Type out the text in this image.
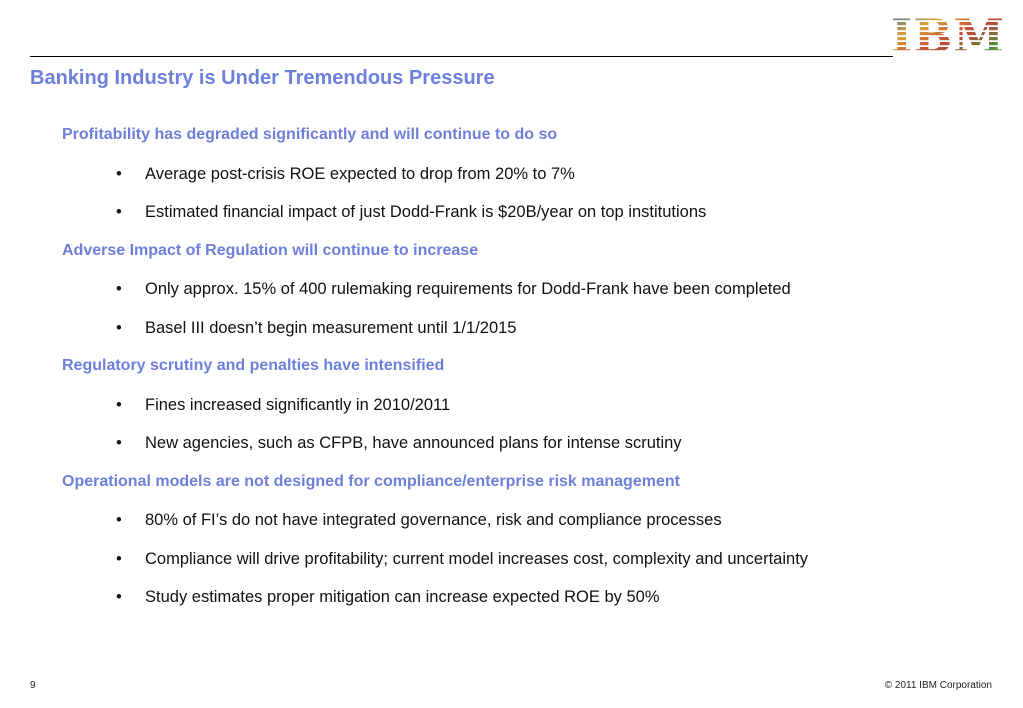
Banking Industry is Under Tremendous Pressure
Profitability has degraded significantly and will continue to do so
• Average post-crisis ROE expected to drop from 20% to 7%
• Estimated financial impact of just Dodd-Frank is $20B/year on top institutions
Adverse Impact of Regulation will continue to increase
• Only approx. 15% of 400 rulemaking requirements for Dodd-Frank have been completed
• Basel III doesn’t begin measurement until 1/1/2015
Regulatory scrutiny and penalties have intensified
• Fines increased significantly in 2010/2011
• New agencies, such as CFPB, have announced plans for intense scrutiny
Operational models are not designed for compliance/enterprise risk management
• 80% of FI’s do not have integrated governance, risk and compliance processes
• Compliance will drive profitability; current model increases cost, complexity and uncertainty
• Study estimates proper mitigation can increase expected ROE by 50%
9	© 2011 IBM Corporation
